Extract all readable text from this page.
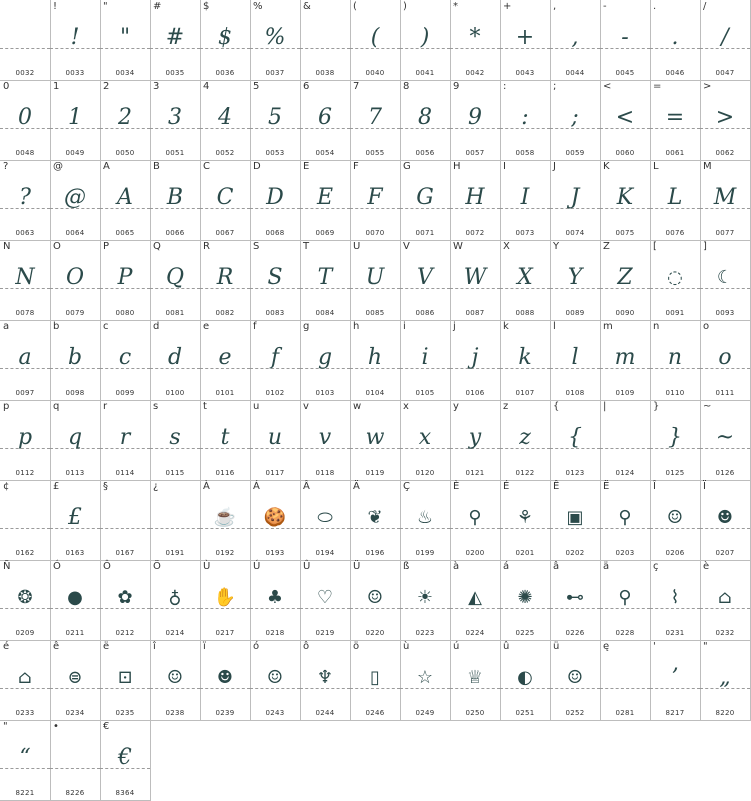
0032
!
!
0033
"
"
0034
#
#
0035
$
$
0036
%
%
0037
&
0038
(
(
0040
)
)
0041
*
*
0042
+
+
0043
,
,
0044
-
-
0045
.
.
0046
/
/
0047
0
0
0048
1
1
0049
2
2
0050
3
3
0051
4
4
0052
5
5
0053
6
6
0054
7
7
0055
8
8
0056
9
9
0057
:
:
0058
;
;
0059
<
<
0060
=
=
0061
>
>
0062
?
?
0063
@
@
0064
A
A
0065
B
B
0066
C
C
0067
D
D
0068
E
E
0069
F
F
0070
G
G
0071
H
H
0072
I
I
0073
J
J
0074
K
K
0075
L
L
0076
M
M
0077
N
N
0078
O
O
0079
P
P
0080
Q
Q
0081
R
R
0082
S
S
0083
T
T
0084
U
U
0085
V
V
0086
W
W
0087
X
X
0088
Y
Y
0089
Z
Z
0090
[
◌
0091
]
☾
0093
a
a
0097
b
b
0098
c
c
0099
d
d
0100
e
e
0101
f
f
0102
g
g
0103
h
h
0104
i
i
0105
j
j
0106
k
k
0107
l
l
0108
m
m
0109
n
n
0110
o
o
0111
p
p
0112
q
q
0113
r
r
0114
s
s
0115
t
t
0116
u
u
0117
v
v
0118
w
w
0119
x
x
0120
y
y
0121
z
z
0122
{
{
0123
|
0124
}
}
0125
~
~
0126
¢
0162
£
£
0163
§
0167
¿
0191
À
☕
0192
Á
🍪
0193
Â
⬭
0194
Ä
❦
0196
Ç
♨
0199
È
⚲
0200
É
⚘
0201
Ê
▣
0202
Ë
⚲
0203
Î
☺
0206
Ï
☻
0207
Ñ
❂
0209
Ó
●
0211
Ô
✿
0212
Ö
♁
0214
Ù
✋
0217
Ú
♣
0218
Û
♡
0219
Ü
☺
0220
ß
☀
0223
à
◭
0224
á
✺
0225
â
⊷
0226
ä
⚲
0228
ç
⌇
0231
è
⌂
0232
é
⌂
0233
ê
⊜
0234
ë
⊡
0235
î
☺
0238
ï
☻
0239
ó
☺
0243
ô
♆
0244
ö
▯
0246
ù
☆
0249
ú
♕
0250
û
◐
0251
ü
☺
0252
ę
0281
'
’
8217
"
„
8220
"
“
8221
•
8226
€
€
8364
